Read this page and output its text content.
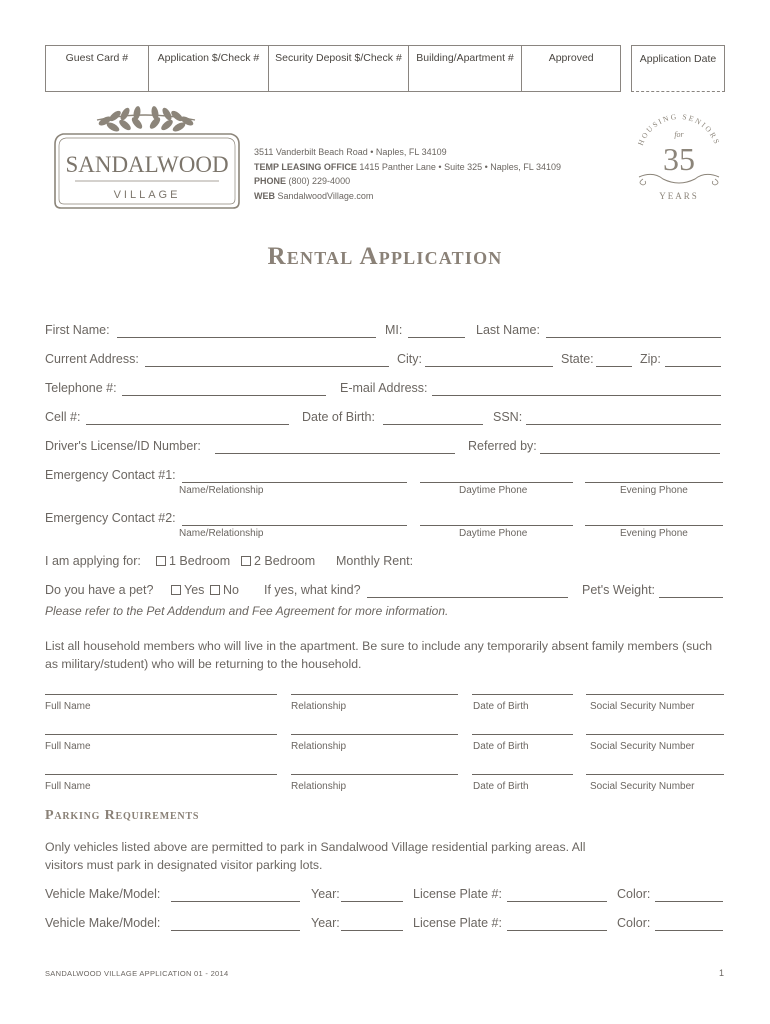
Guest Card #	Application $/Check #	Security Deposit $/Check #	Building/Apartment #	Approved	Application Date
SANDALWOOD
VILLAGE
3511 Vanderbilt Beach Road • Naples, FL 34109
TEMP LEASING OFFICE 1415 Panther Lane • Suite 325 • Naples, FL 34109
PHONE (800) 229-4000
WEB SandalwoodVillage.com
HOUSING SENIORS
for
35
YEARS
Rental Application
First Name:	MI:	Last Name:
Current Address:	City:	State:	Zip:
Telephone #:	E-mail Address:
Cell #:	Date of Birth:	SSN:
Driver's License/ID Number:	Referred by:
Emergency Contact #1:
Name/Relationship	Daytime Phone	Evening Phone
Emergency Contact #2:
Name/Relationship	Daytime Phone	Evening Phone
I am applying for:	1 Bedroom	2 Bedroom Monthly Rent:
Do you have a pet?	Yes	No If yes, what kind?	Pet's Weight:
Please refer to the Pet Addendum and Fee Agreement for more information.
List all household members who will live in the apartment. Be sure to include any temporarily absent family members (such as military/student) who will be returning to the household.
Full Name	Relationship	Date of Birth	Social Security Number
Full Name	Relationship	Date of Birth	Social Security Number
Full Name	Relationship	Date of Birth	Social Security Number
Parking Requirements
Only vehicles listed above are permitted to park in Sandalwood Village residential parking areas. All visitors must park in designated visitor parking lots.
Vehicle Make/Model:	Year:	License Plate #:	Color:
Vehicle Make/Model:	Year:	License Plate #:	Color:
SANDALWOOD VILLAGE APPLICATION 01 - 2014	1
